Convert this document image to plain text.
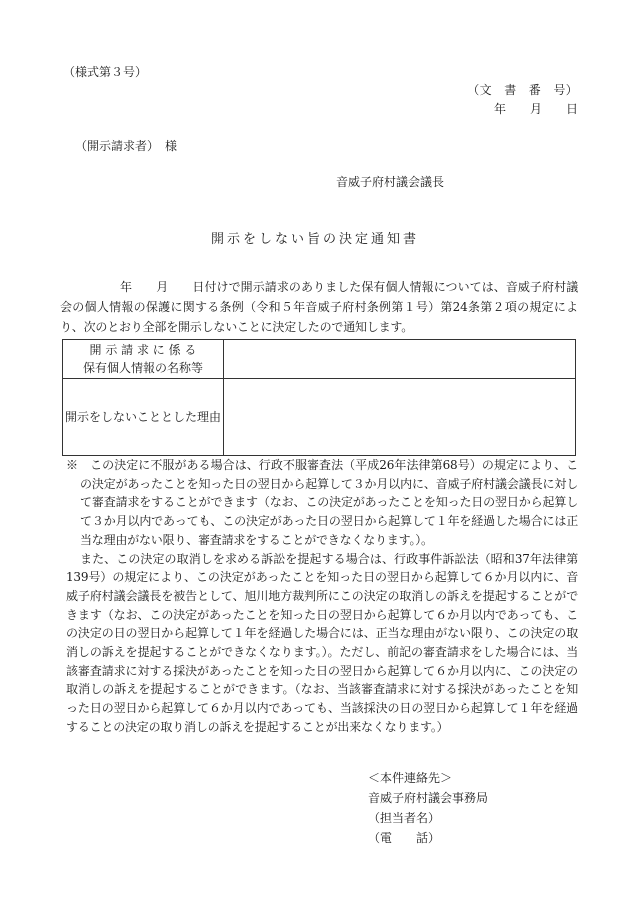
（様式第３号）
（文　書　番　号）
年　　月　　日
（開示請求者）　様
音威子府村議会議長
開示をしない旨の決定通知書

年　　月　　日付けで開示請求のありました保有個人情報については、音威子府村議会の個人情報の保護に関する条例（令和５年音威子府村条例第１号）第24条第２項の規定により、次のとおり全部を開示しないことに決定したので通知します。

開 示 請 求 に 係 る
保有個人情報の名称等	

開示をしないこととした理由	

※　この決定に不服がある場合は、行政不服審査法（平成26年法律第68号）の規定により、この決定があったことを知った日の翌日から起算して３か月以内に、音威子府村議会議長に対して審査請求をすることができます（なお、この決定があったことを知った日の翌日から起算して３か月以内であっても、この決定があった日の翌日から起算して１年を経過した場合には正当な理由がない限り、審査請求をすることができなくなります。）。

また、この決定の取消しを求める訴訟を提起する場合は、行政事件訴訟法（昭和37年法律第139号）の規定により、この決定があったことを知った日の翌日から起算して６か月以内に、音威子府村議会議長を被告として、旭川地方裁判所にこの決定の取消しの訴えを提起することができます（なお、この決定があったことを知った日の翌日から起算して６か月以内であっても、この決定の日の翌日から起算して１年を経過した場合には、正当な理由がない限り、この決定の取消しの訴えを提起することができなくなります。）。ただし、前記の審査請求をした場合には、当該審査請求に対する採決があったことを知った日の翌日から起算して６か月以内に、この決定の取消しの訴えを提起することができます。（なお、当該審査請求に対する採決があったことを知った日の翌日から起算して６か月以内であっても、当該採決の日の翌日から起算して１年を経過することの決定の取り消しの訴えを提起することが出来なくなります。）

＜本件連絡先＞
音威子府村議会事務局
（担当者名）
（電　　話）
